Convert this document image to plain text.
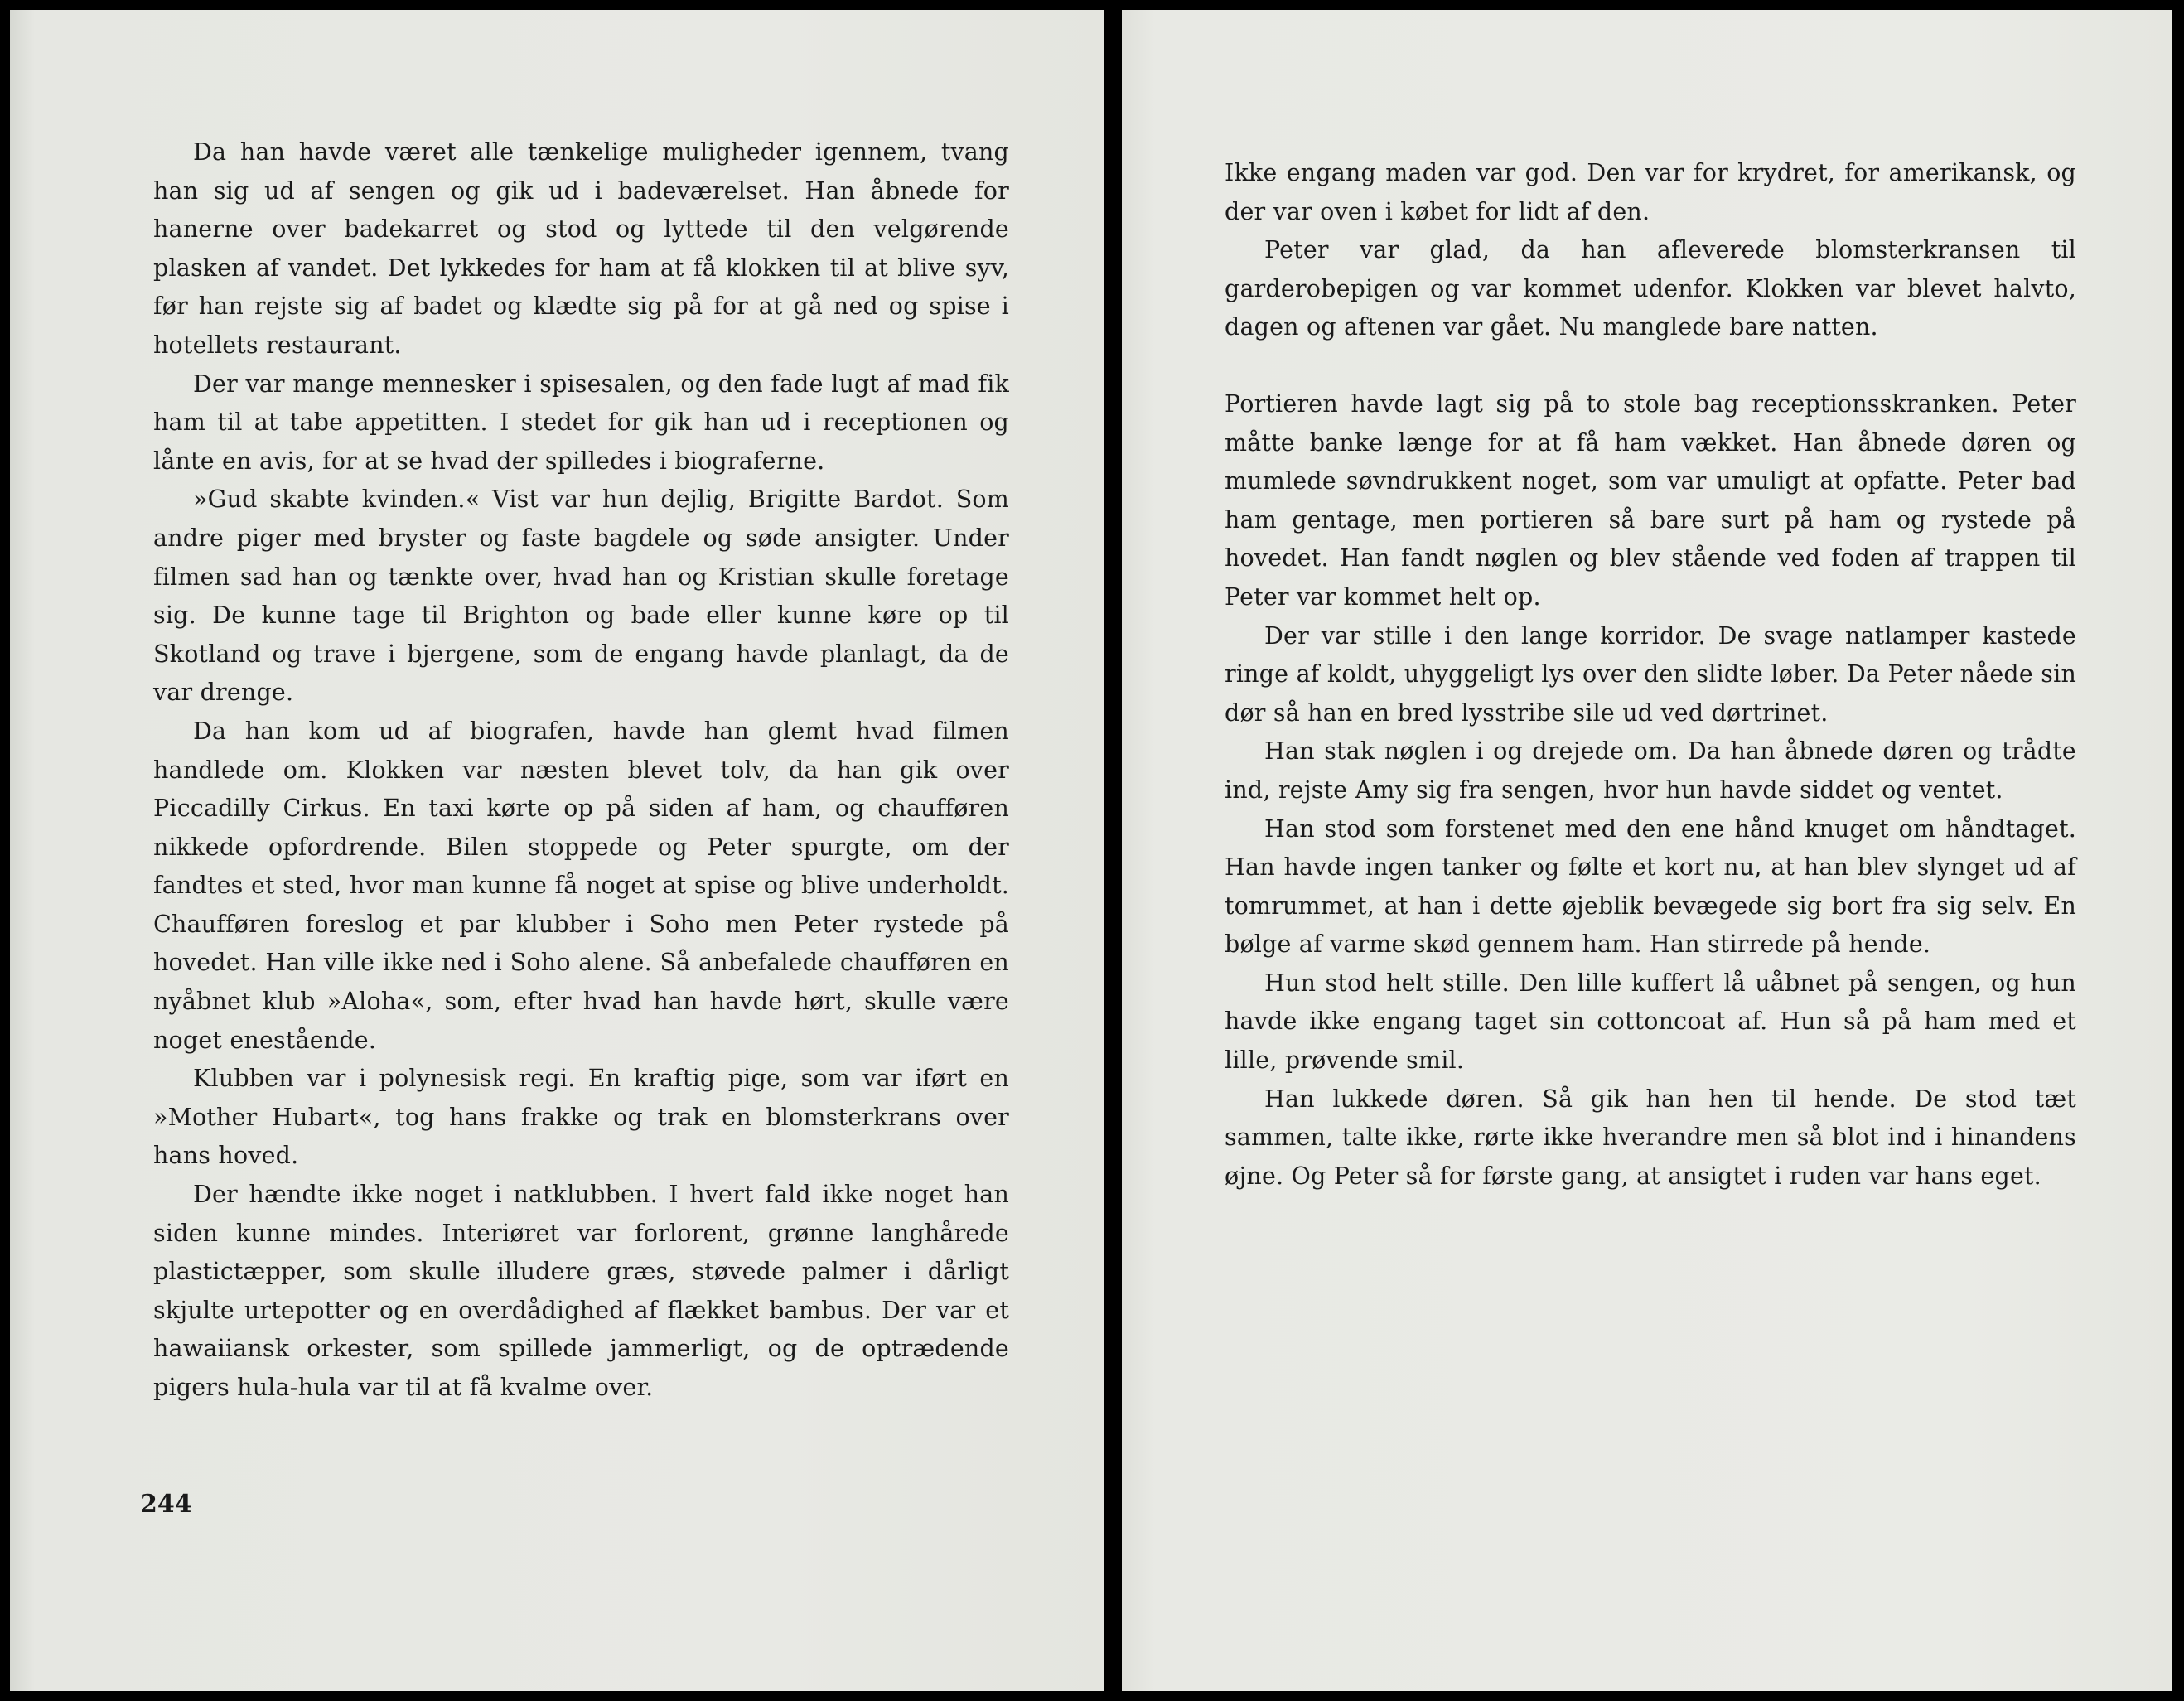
Da han havde været alle tænkelige muligheder igennem, tvang han sig ud af sengen og gik ud i badeværelset. Han åbnede for hanerne over badekarret og stod og lyttede til den velgørende plasken af vandet. Det lykkedes for ham at få klokken til at blive syv, før han rejste sig af badet og klædte sig på for at gå ned og spise i hotellets restaurant.

Der var mange mennesker i spisesalen, og den fade lugt af mad fik ham til at tabe appetitten. I stedet for gik han ud i receptionen og lånte en avis, for at se hvad der spilledes i biograferne.

»Gud skabte kvinden.« Vist var hun dejlig, Brigitte Bardot. Som andre piger med bryster og faste bagdele og søde ansigter. Under filmen sad han og tænkte over, hvad han og Kristian skulle foretage sig. De kunne tage til Brighton og bade eller kunne køre op til Skotland og trave i bjergene, som de engang havde planlagt, da de var drenge.

Da han kom ud af biografen, havde han glemt hvad filmen handlede om. Klokken var næsten blevet tolv, da han gik over Piccadilly Cirkus. En taxi kørte op på siden af ham, og chaufføren nikkede opfordrende. Bilen stoppede og Peter spurgte, om der fandtes et sted, hvor man kunne få noget at spise og blive underholdt. Chaufføren foreslog et par klubber i Soho men Peter rystede på hovedet. Han ville ikke ned i Soho alene. Så anbefalede chaufføren en nyåbnet klub »Aloha«, som, efter hvad han havde hørt, skulle være noget enestående.

Klubben var i polynesisk regi. En kraftig pige, som var iført en »Mother Hubart«, tog hans frakke og trak en blomsterkrans over hans hoved.

Der hændte ikke noget i natklubben. I hvert fald ikke noget han siden kunne mindes. Interiøret var forlorent, grønne langhårede plastictæpper, som skulle illudere græs, støvede palmer i dårligt skjulte urtepotter og en overdådighed af flækket bambus. Der var et hawaiiansk orkester, som spillede jammerligt, og de optrædende pigers hula-hula var til at få kvalme over.

244

Ikke engang maden var god. Den var for krydret, for amerikansk, og der var oven i købet for lidt af den.

Peter var glad, da han afleverede blomsterkransen til garderobepigen og var kommet udenfor. Klokken var blevet halvto, dagen og aftenen var gået. Nu manglede bare natten.

Portieren havde lagt sig på to stole bag receptionsskranken. Peter måtte banke længe for at få ham vækket. Han åbnede døren og mumlede søvndrukkent noget, som var umuligt at opfatte. Peter bad ham gentage, men portieren så bare surt på ham og rystede på hovedet. Han fandt nøglen og blev stående ved foden af trappen til Peter var kommet helt op.

Der var stille i den lange korridor. De svage natlamper kastede ringe af koldt, uhyggeligt lys over den slidte løber. Da Peter nåede sin dør så han en bred lysstribe sile ud ved dørtrinet.

Han stak nøglen i og drejede om. Da han åbnede døren og trådte ind, rejste Amy sig fra sengen, hvor hun havde siddet og ventet.

Han stod som forstenet med den ene hånd knuget om håndtaget. Han havde ingen tanker og følte et kort nu, at han blev slynget ud af tomrummet, at han i dette øjeblik bevægede sig bort fra sig selv. En bølge af varme skød gennem ham. Han stirrede på hende.

Hun stod helt stille. Den lille kuffert lå uåbnet på sengen, og hun havde ikke engang taget sin cottoncoat af. Hun så på ham med et lille, prøvende smil.

Han lukkede døren. Så gik han hen til hende. De stod tæt sammen, talte ikke, rørte ikke hverandre men så blot ind i hinandens øjne. Og Peter så for første gang, at ansigtet i ruden var hans eget.
